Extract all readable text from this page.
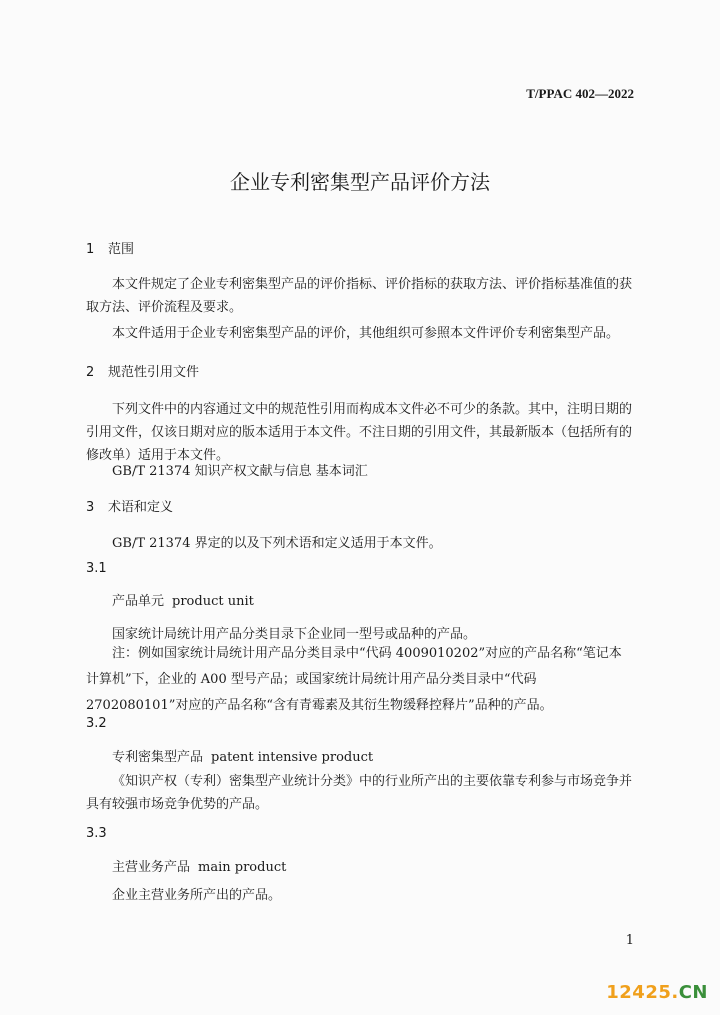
T/PPAC 402—2022
企业专利密集型产品评价方法
1 范围
本文件规定了企业专利密集型产品的评价指标、评价指标的获取方法、评价指标基准值的获取方法、评价流程及要求。
本文件适用于企业专利密集型产品的评价，其他组织可参照本文件评价专利密集型产品。
2 规范性引用文件
下列文件中的内容通过文中的规范性引用而构成本文件必不可少的条款。其中，注明日期的引用文件，仅该日期对应的版本适用于本文件。不注日期的引用文件，其最新版本（包括所有的修改单）适用于本文件。
GB/T 21374 知识产权文献与信息 基本词汇
3 术语和定义
GB/T 21374 界定的以及下列术语和定义适用于本文件。
3.1
产品单元 product unit
国家统计局统计用产品分类目录下企业同一型号或品种的产品。
注：例如国家统计局统计用产品分类目录中“代码 4009010202”对应的产品名称“笔记本计算机”下，企业的 A00 型号产品；或国家统计局统计用产品分类目录中“代码 2702080101”对应的产品名称“含有青霉素及其衍生物缓释控释片”品种的产品。
3.2
专利密集型产品 patent intensive product
《知识产权（专利）密集型产业统计分类》中的行业所产出的主要依靠专利参与市场竞争并具有较强市场竞争优势的产品。
3.3
主营业务产品 main product
企业主营业务所产出的产品。
1
12425.CN
